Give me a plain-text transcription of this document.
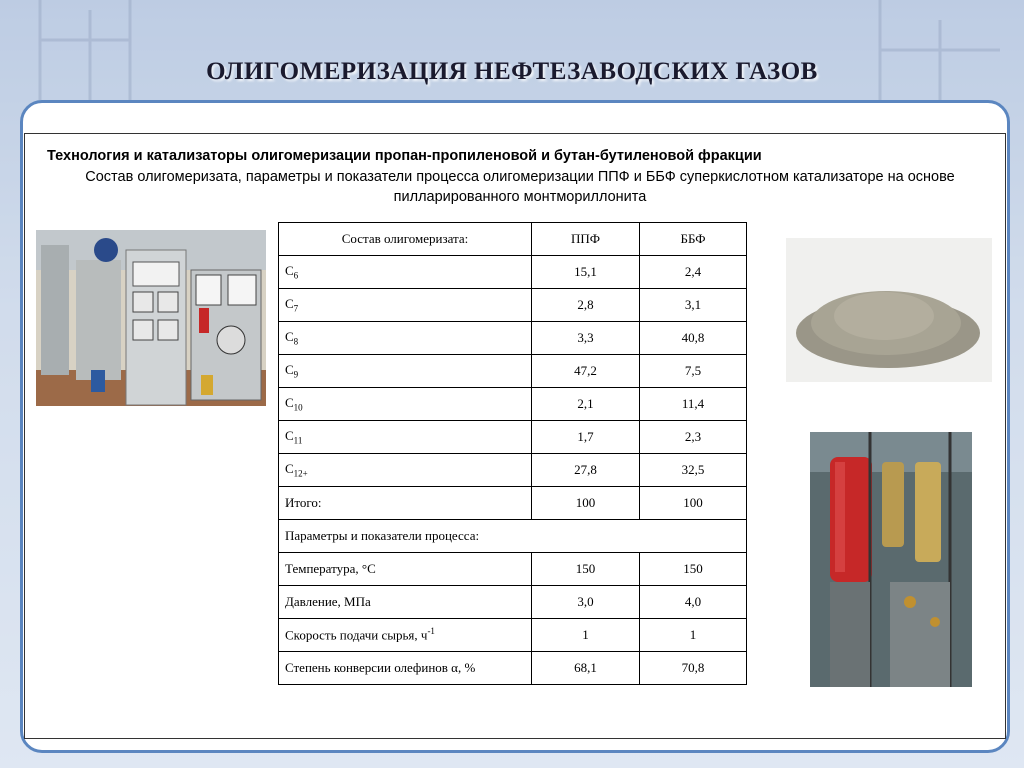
ОЛИГОМЕРИЗАЦИЯ НЕФТЕЗАВОДСКИХ ГАЗОВ
Технология и катализаторы олигомеризации пропан-пропиленовой и бутан-бутиленовой фракции
Состав олигомеризата, параметры и показатели процесса олигомеризации ППФ и ББФ суперкислотном катализаторе на основе пилларированного монтмориллонита
Состав олигомеризата:	ППФ	ББФ
$C_6$	15,1	2,4
$C_7$	2,8	3,1
$C_8$	3,3	40,8
$C_9$	47,2	7,5
$C_{10}$	2,1	11,4
$C_{11}$	1,7	2,3
$C_{12+}$	27,8	32,5
Итого:	100	100
Параметры и показатели процесса:		
Температура, °С	150	150
Давление, МПа	3,0	4,0
Скорость подачи сырья, $ч^{-1}$	1	1
Степень конверсии олефинов α, %	68,1	70,8
